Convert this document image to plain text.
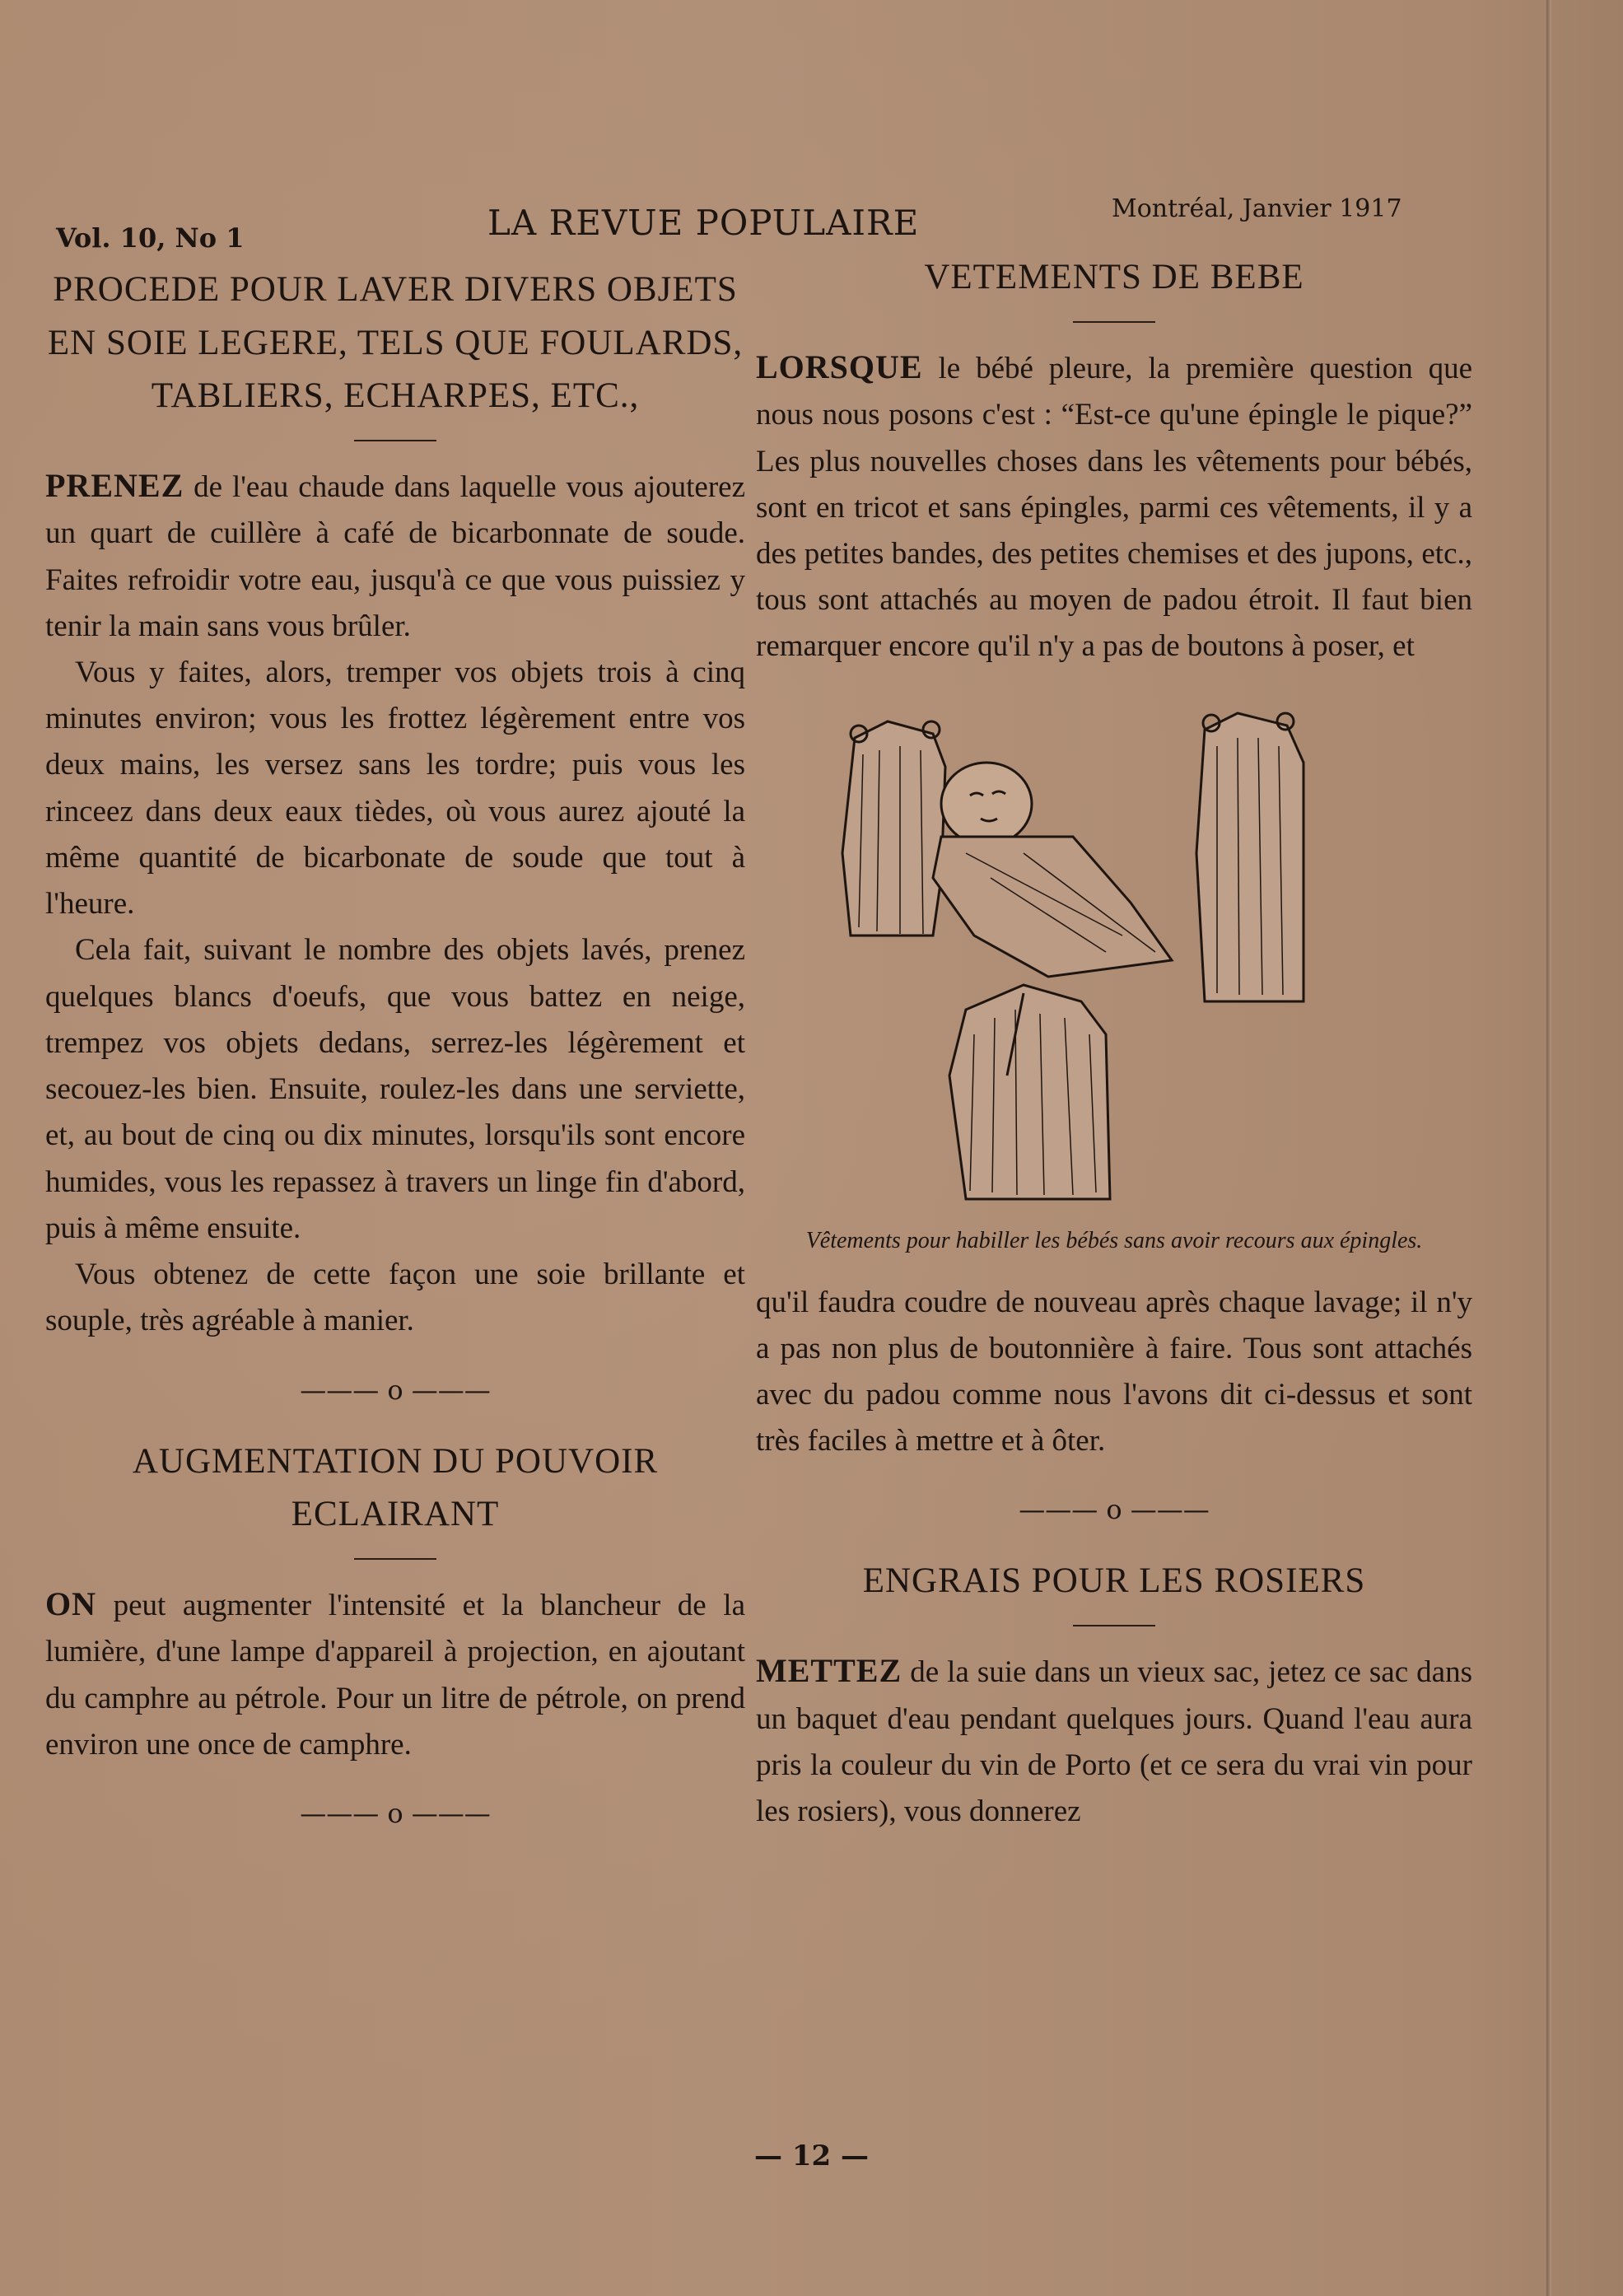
Vol. 10, No 1	LA REVUE POPULAIRE	Montréal, Janvier 1917
PROCEDE POUR LAVER DIVERS OBJETS EN SOIE LEGERE, TELS QUE FOULARDS, TABLIERS, ECHARPES, ETC.,

PRENEZ de l'eau chaude dans laquelle vous ajouterez un quart de cuillère à café de bicarbonnate de soude. Faites refroidir votre eau, jusqu'à ce que vous puissiez y tenir la main sans vous brûler.

Vous y faites, alors, tremper vos objets trois à cinq minutes environ; vous les frottez légèrement entre vos deux mains, les versez sans les tordre; puis vous les rinceez dans deux eaux tièdes, où vous aurez ajouté la même quantité de bicarbonate de soude que tout à l'heure.

Cela fait, suivant le nombre des objets lavés, prenez quelques blancs d'oeufs, que vous battez en neige, trempez vos objets dedans, serrez-les légèrement et secouez-les bien. Ensuite, roulez-les dans une serviette, et, au bout de cinq ou dix minutes, lorsqu'ils sont encore humides, vous les repassez à travers un linge fin d'abord, puis à même ensuite.

Vous obtenez de cette façon une soie brillante et souple, très agréable à manier.

——— o ———
AUGMENTATION DU POUVOIR ECLAIRANT

ON peut augmenter l'intensité et la blancheur de la lumière, d'une lampe d'appareil à projection, en ajoutant du camphre au pétrole. Pour un litre de pétrole, on prend environ une once de camphre.

——— o ———
VETEMENTS DE BEBE

LORSQUE le bébé pleure, la première question que nous nous posons c'est : “Est-ce qu'une épingle le pique?” Les plus nouvelles choses dans les vêtements pour bébés, sont en tricot et sans épingles, parmi ces vêtements, il y a des petites bandes, des petites chemises et des jupons, etc., tous sont attachés au moyen de padou étroit. Il faut bien remarquer encore qu'il n'y a pas de boutons à poser, et

Vêtements pour habiller les bébés sans avoir recours aux épingles.

qu'il faudra coudre de nouveau après chaque lavage; il n'y a pas non plus de boutonnière à faire. Tous sont attachés avec du padou comme nous l'avons dit ci-dessus et sont très faciles à mettre et à ôter.

——— o ———
ENGRAIS POUR LES ROSIERS

METTEZ de la suie dans un vieux sac, jetez ce sac dans un baquet d'eau pendant quelques jours. Quand l'eau aura pris la couleur du vin de Porto (et ce sera du vrai vin pour les rosiers), vous donnerez

— 12 —
